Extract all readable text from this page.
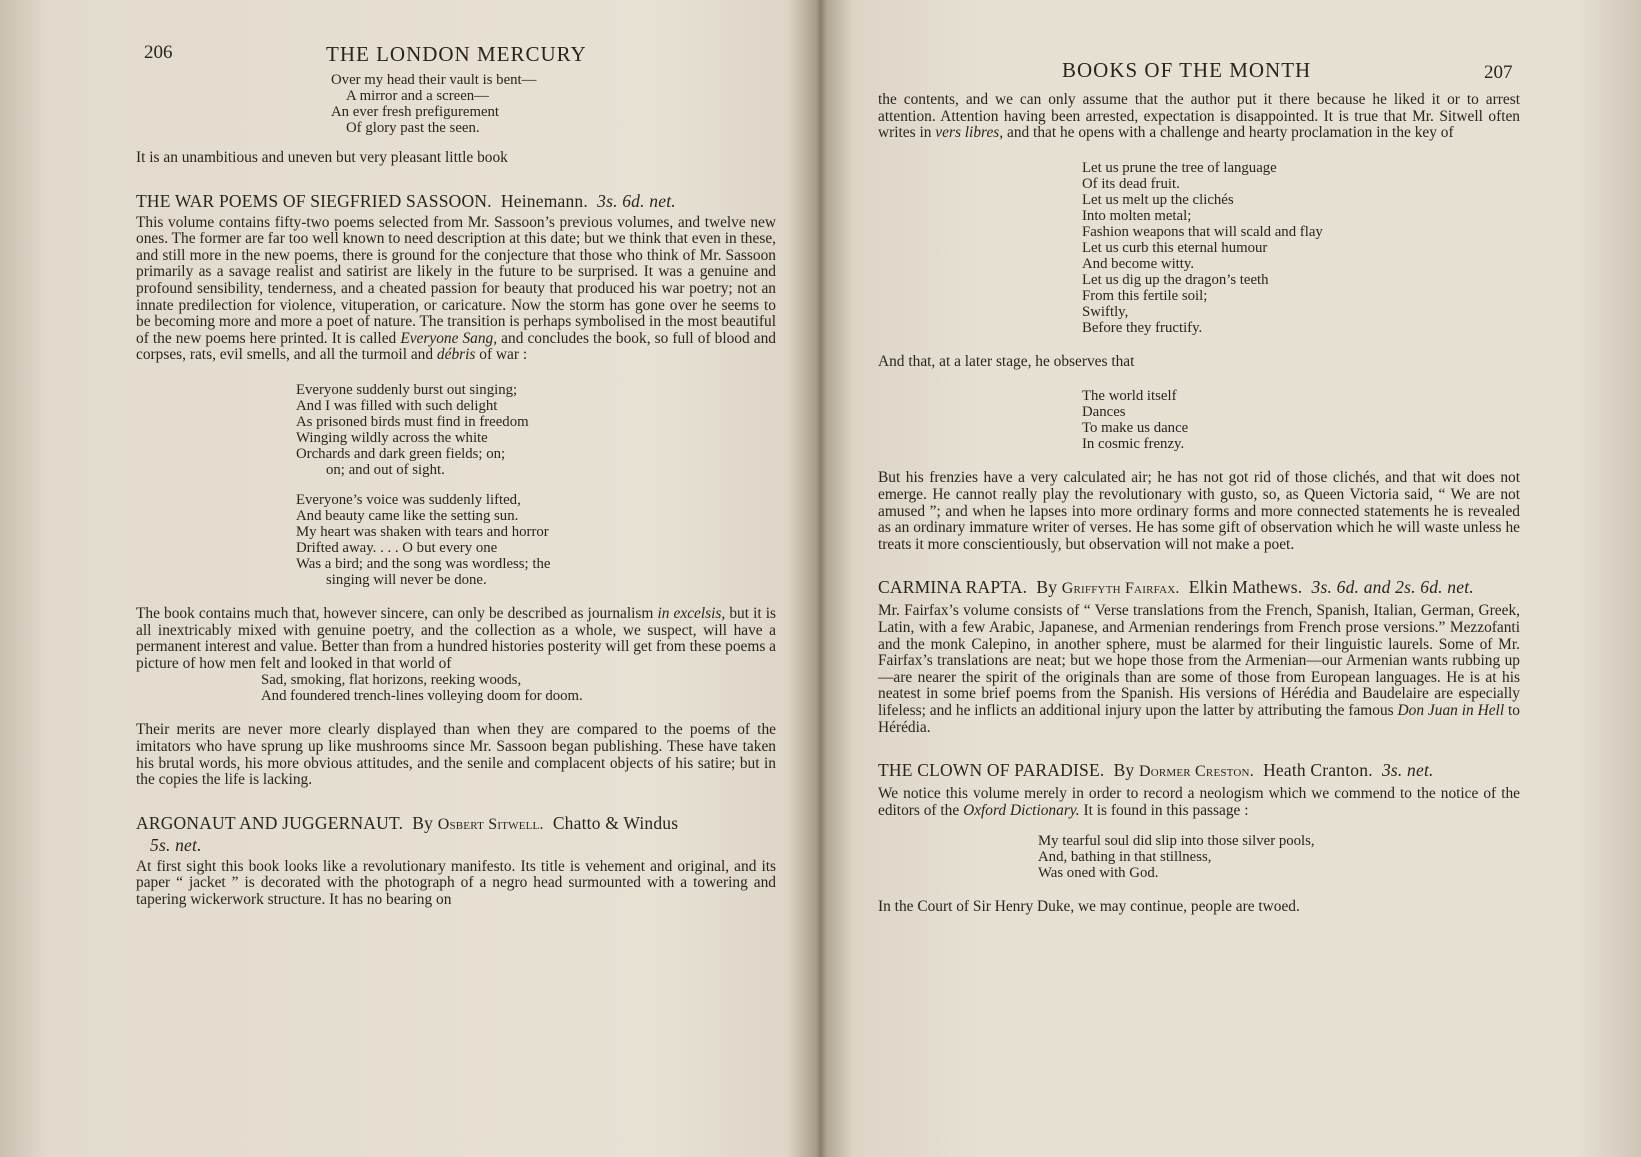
206	THE LONDON MERCURY
Over my head their vault is bent—
A mirror and a screen—
An ever fresh prefigurement
Of glory past the seen.

It is an unambitious and uneven but very pleasant little book

THE WAR POEMS OF SIEGFRIED SASSOON. Heinemann. 3s. 6d. net.

This volume contains fifty-two poems selected from Mr. Sassoon’s previous volumes, and twelve new ones. The former are far too well known to need description at this date; but we think that even in these, and still more in the new poems, there is ground for the conjecture that those who think of Mr. Sassoon primarily as a savage realist and satirist are likely in the future to be surprised. It was a genuine and profound sensibility, tenderness, and a cheated passion for beauty that produced his war poetry; not an innate predilection for violence, vituperation, or caricature. Now the storm has gone over he seems to be becoming more and more a poet of nature. The transition is perhaps symbolised in the most beautiful of the new poems here printed. It is called Everyone Sang, and concludes the book, so full of blood and corpses, rats, evil smells, and all the turmoil and débris of war :

Everyone suddenly burst out singing;
And I was filled with such delight
As prisoned birds must find in freedom
Winging wildly across the white
Orchards and dark green fields; on;
on; and out of sight.
Everyone’s voice was suddenly lifted,
And beauty came like the setting sun.
My heart was shaken with tears and horror
Drifted away. . . . O but every one
Was a bird; and the song was wordless; the
singing will never be done.

The book contains much that, however sincere, can only be described as journalism in excelsis, but it is all inextricably mixed with genuine poetry, and the collection as a whole, we suspect, will have a permanent interest and value. Better than from a hundred histories posterity will get from these poems a picture of how men felt and looked in that world of

Sad, smoking, flat horizons, reeking woods,
And foundered trench-lines volleying doom for doom.

Their merits are never more clearly displayed than when they are compared to the poems of the imitators who have sprung up like mushrooms since Mr. Sassoon began publishing. These have taken his brutal words, his more obvious attitudes, and the senile and complacent objects of his satire; but in the copies the life is lacking.

ARGONAUT AND JUGGERNAUT. By Osbert Sitwell. Chatto & Windus
5s. net.

At first sight this book looks like a revolutionary manifesto. Its title is vehement and original, and its paper “ jacket ” is decorated with the photograph of a negro head surmounted with a towering and tapering wickerwork structure. It has no bearing on

BOOKS OF THE MONTH	207

the contents, and we can only assume that the author put it there because he liked it or to arrest attention. Attention having been arrested, expectation is disappointed. It is true that Mr. Sitwell often writes in vers libres, and that he opens with a challenge and hearty proclamation in the key of

Let us prune the tree of language
Of its dead fruit.
Let us melt up the clichés
Into molten metal;
Fashion weapons that will scald and flay
Let us curb this eternal humour
And become witty.
Let us dig up the dragon’s teeth
From this fertile soil;
Swiftly,
Before they fructify.

And that, at a later stage, he observes that

The world itself
Dances
To make us dance
In cosmic frenzy.

But his frenzies have a very calculated air; he has not got rid of those clichés, and that wit does not emerge. He cannot really play the revolutionary with gusto, so, as Queen Victoria said, “ We are not amused ”; and when he lapses into more ordinary forms and more connected statements he is revealed as an ordinary immature writer of verses. He has some gift of observation which he will waste unless he treats it more conscientiously, but observation will not make a poet.

CARMINA RAPTA. By Griffyth Fairfax. Elkin Mathews. 3s. 6d. and 2s. 6d. net.

Mr. Fairfax’s volume consists of “ Verse translations from the French, Spanish, Italian, German, Greek, Latin, with a few Arabic, Japanese, and Armenian renderings from French prose versions.” Mezzofanti and the monk Calepino, in another sphere, must be alarmed for their linguistic laurels. Some of Mr. Fairfax’s translations are neat; but we hope those from the Armenian—our Armenian wants rubbing up—are nearer the spirit of the originals than are some of those from European languages. He is at his neatest in some brief poems from the Spanish. His versions of Hérédia and Baudelaire are especially lifeless; and he inflicts an additional injury upon the latter by attributing the famous Don Juan in Hell to Hérédia.

THE CLOWN OF PARADISE. By Dormer Creston. Heath Cranton. 3s. net.

We notice this volume merely in order to record a neologism which we commend to the notice of the editors of the Oxford Dictionary. It is found in this passage :

My tearful soul did slip into those silver pools,
And, bathing in that stillness,
Was oned with God.

In the Court of Sir Henry Duke, we may continue, people are twoed.
